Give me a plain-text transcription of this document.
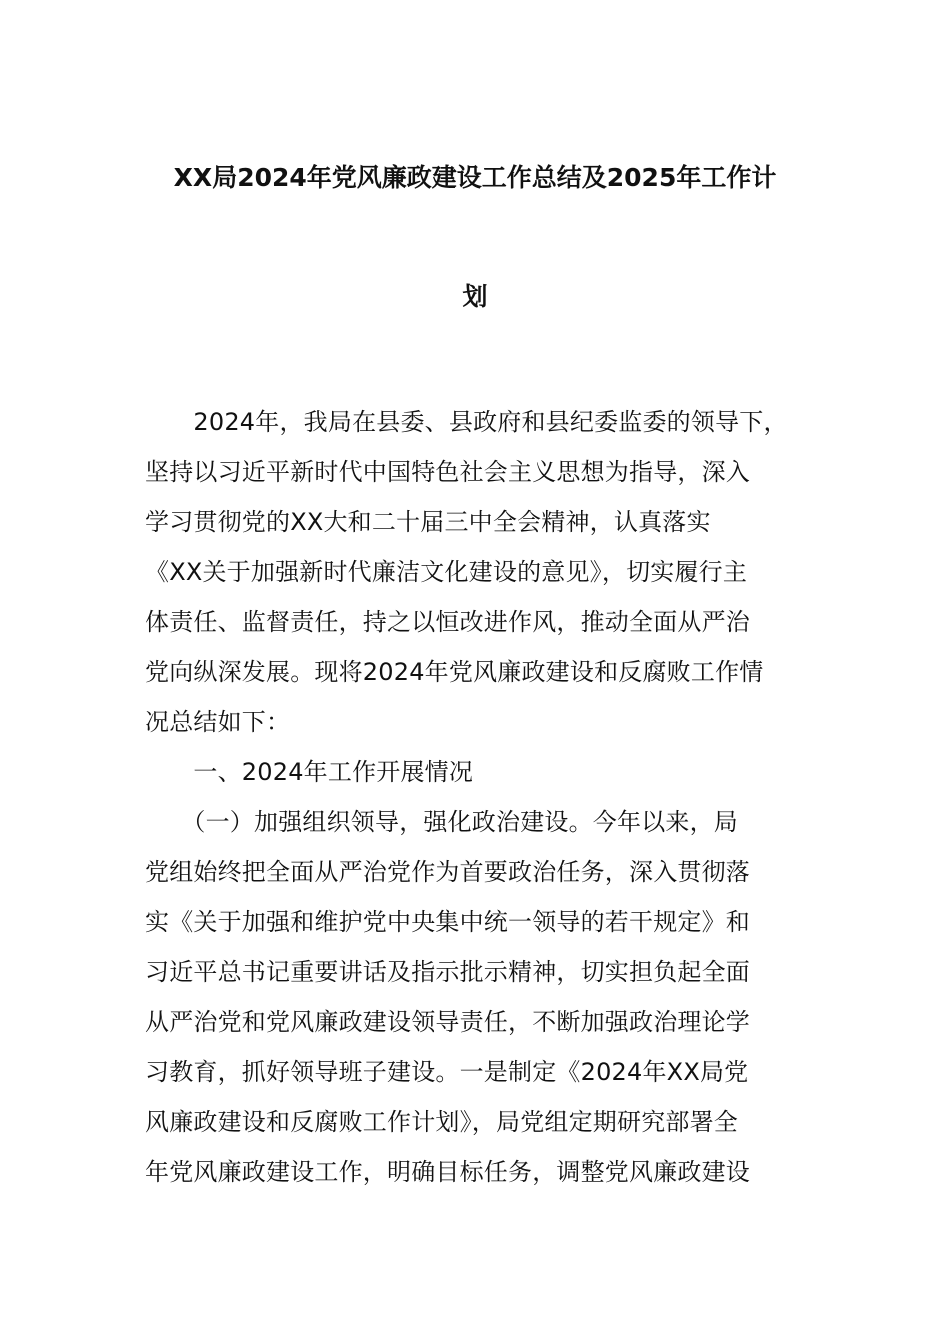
XX局2024年党风廉政建设工作总结及2025年工作计
划
　　2024年，我局在县委、县政府和县纪委监委的领导下，
坚持以习近平新时代中国特色社会主义思想为指导，深入
学习贯彻党的XX大和二十届三中全会精神，认真落实
《XX关于加强新时代廉洁文化建设的意见》，切实履行主
体责任、监督责任，持之以恒改进作风，推动全面从严治
党向纵深发展。现将2024年党风廉政建设和反腐败工作情
况总结如下：
　　一、2024年工作开展情况
　　（一）加强组织领导，强化政治建设。今年以来，局
党组始终把全面从严治党作为首要政治任务，深入贯彻落
实《关于加强和维护党中央集中统一领导的若干规定》和
习近平总书记重要讲话及指示批示精神，切实担负起全面
从严治党和党风廉政建设领导责任，不断加强政治理论学
习教育，抓好领导班子建设。一是制定《2024年XX局党
风廉政建设和反腐败工作计划》，局党组定期研究部署全
年党风廉政建设工作，明确目标任务，调整党风廉政建设
